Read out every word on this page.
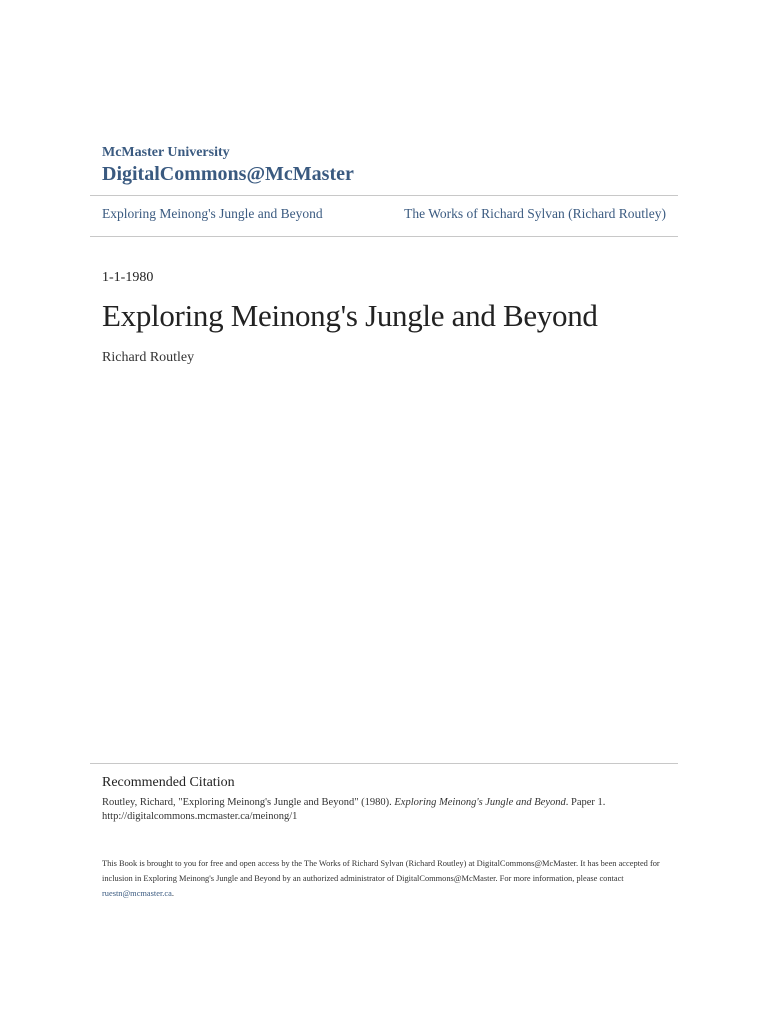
McMaster University
DigitalCommons@McMaster
Exploring Meinong's Jungle and Beyond	The Works of Richard Sylvan (Richard Routley)
1-1-1980
Exploring Meinong's Jungle and Beyond
Richard Routley
Recommended Citation
Routley, Richard, "Exploring Meinong's Jungle and Beyond" (1980). Exploring Meinong's Jungle and Beyond. Paper 1.
http://digitalcommons.mcmaster.ca/meinong/1
This Book is brought to you for free and open access by the The Works of Richard Sylvan (Richard Routley) at DigitalCommons@McMaster. It has been accepted for inclusion in Exploring Meinong's Jungle and Beyond by an authorized administrator of DigitalCommons@McMaster. For more information, please contact ruestn@mcmaster.ca.
